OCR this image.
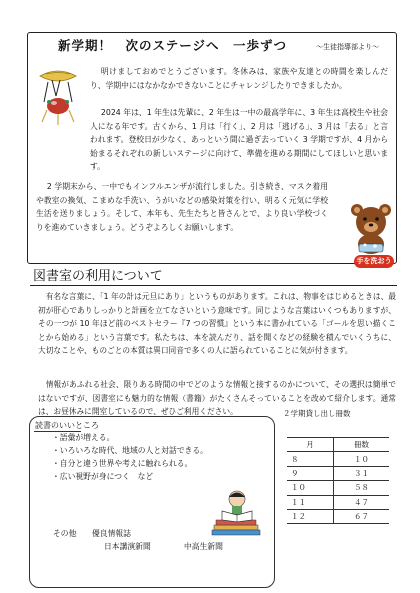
新学期！　次のステージへ　一歩ずつ	～生徒指導部より～
明けましておめでとうございます。冬休みは、家族や友達との時間を楽しんだり、学期中にはなかなかできないことにチャレンジしたりできましたか。
2024 年は、1 年生は先輩に、2 年生は一中の最高学年に、3 年生は高校生や社会人になる年です。古くから、1 月は「行く」、2 月は「逃げる」、3 月は「去る」と言われます。登校日が少なく、あっという間に過ぎ去っていく 3 学期ですが、4 月から始まるそれぞれの新しいステージに向けて、準備を進める期間にしてほしいと思います。
2 学期末から、一中でもインフルエンザが流行しました。引き続き、マスク着用や教室の換気、こまめな手洗い、うがいなどの感染対策を行い、明るく元気に学校生活を送りましょう。そして、本年も、先生たちと皆さんとで、より良い学校づくりを進めていきましょう。どうぞよろしくお願いします。
手を洗おう
図書室の利用について
有名な言葉に、「1 年の計は元旦にあり」というものがあります。これは、物事をはじめるときは、最初が肝心でありしっかりと計画を立てなさいという意味です。同じような言葉はいくつもありますが、その一つが 10 年ほど前のベストセラー『7 つの習慣』という本に書かれている「ゴールを思い描くことから始める」という言葉です。私たちは、本を読んだり、話を聞くなどの経験を積んでいくうちに、大切なことや、ものごとの本質は異口同音で多くの人に語られていることに気が付きます。
情報があふれる社会、限りある時間の中でどのような情報と接するのかについて、その選択は簡単ではないですが、図書室にも魅力的な情報（書籍）がたくさんそっていることを改めて紹介します。通常は、お昼休みに開室しているので、ぜひご利用ください。	２学期貸し出し冊数
読書のいいところ
・語彙が増える。
・いろいろな時代、地域の人と対話できる。
・自分と違う世界や考えに触れられる。
・広い視野が身につく　など
その他 優良情報誌
日本講演新聞	中高生新聞
月	冊数
８	１０
９	３１
１０	５８
１１	４７
１２	６７
